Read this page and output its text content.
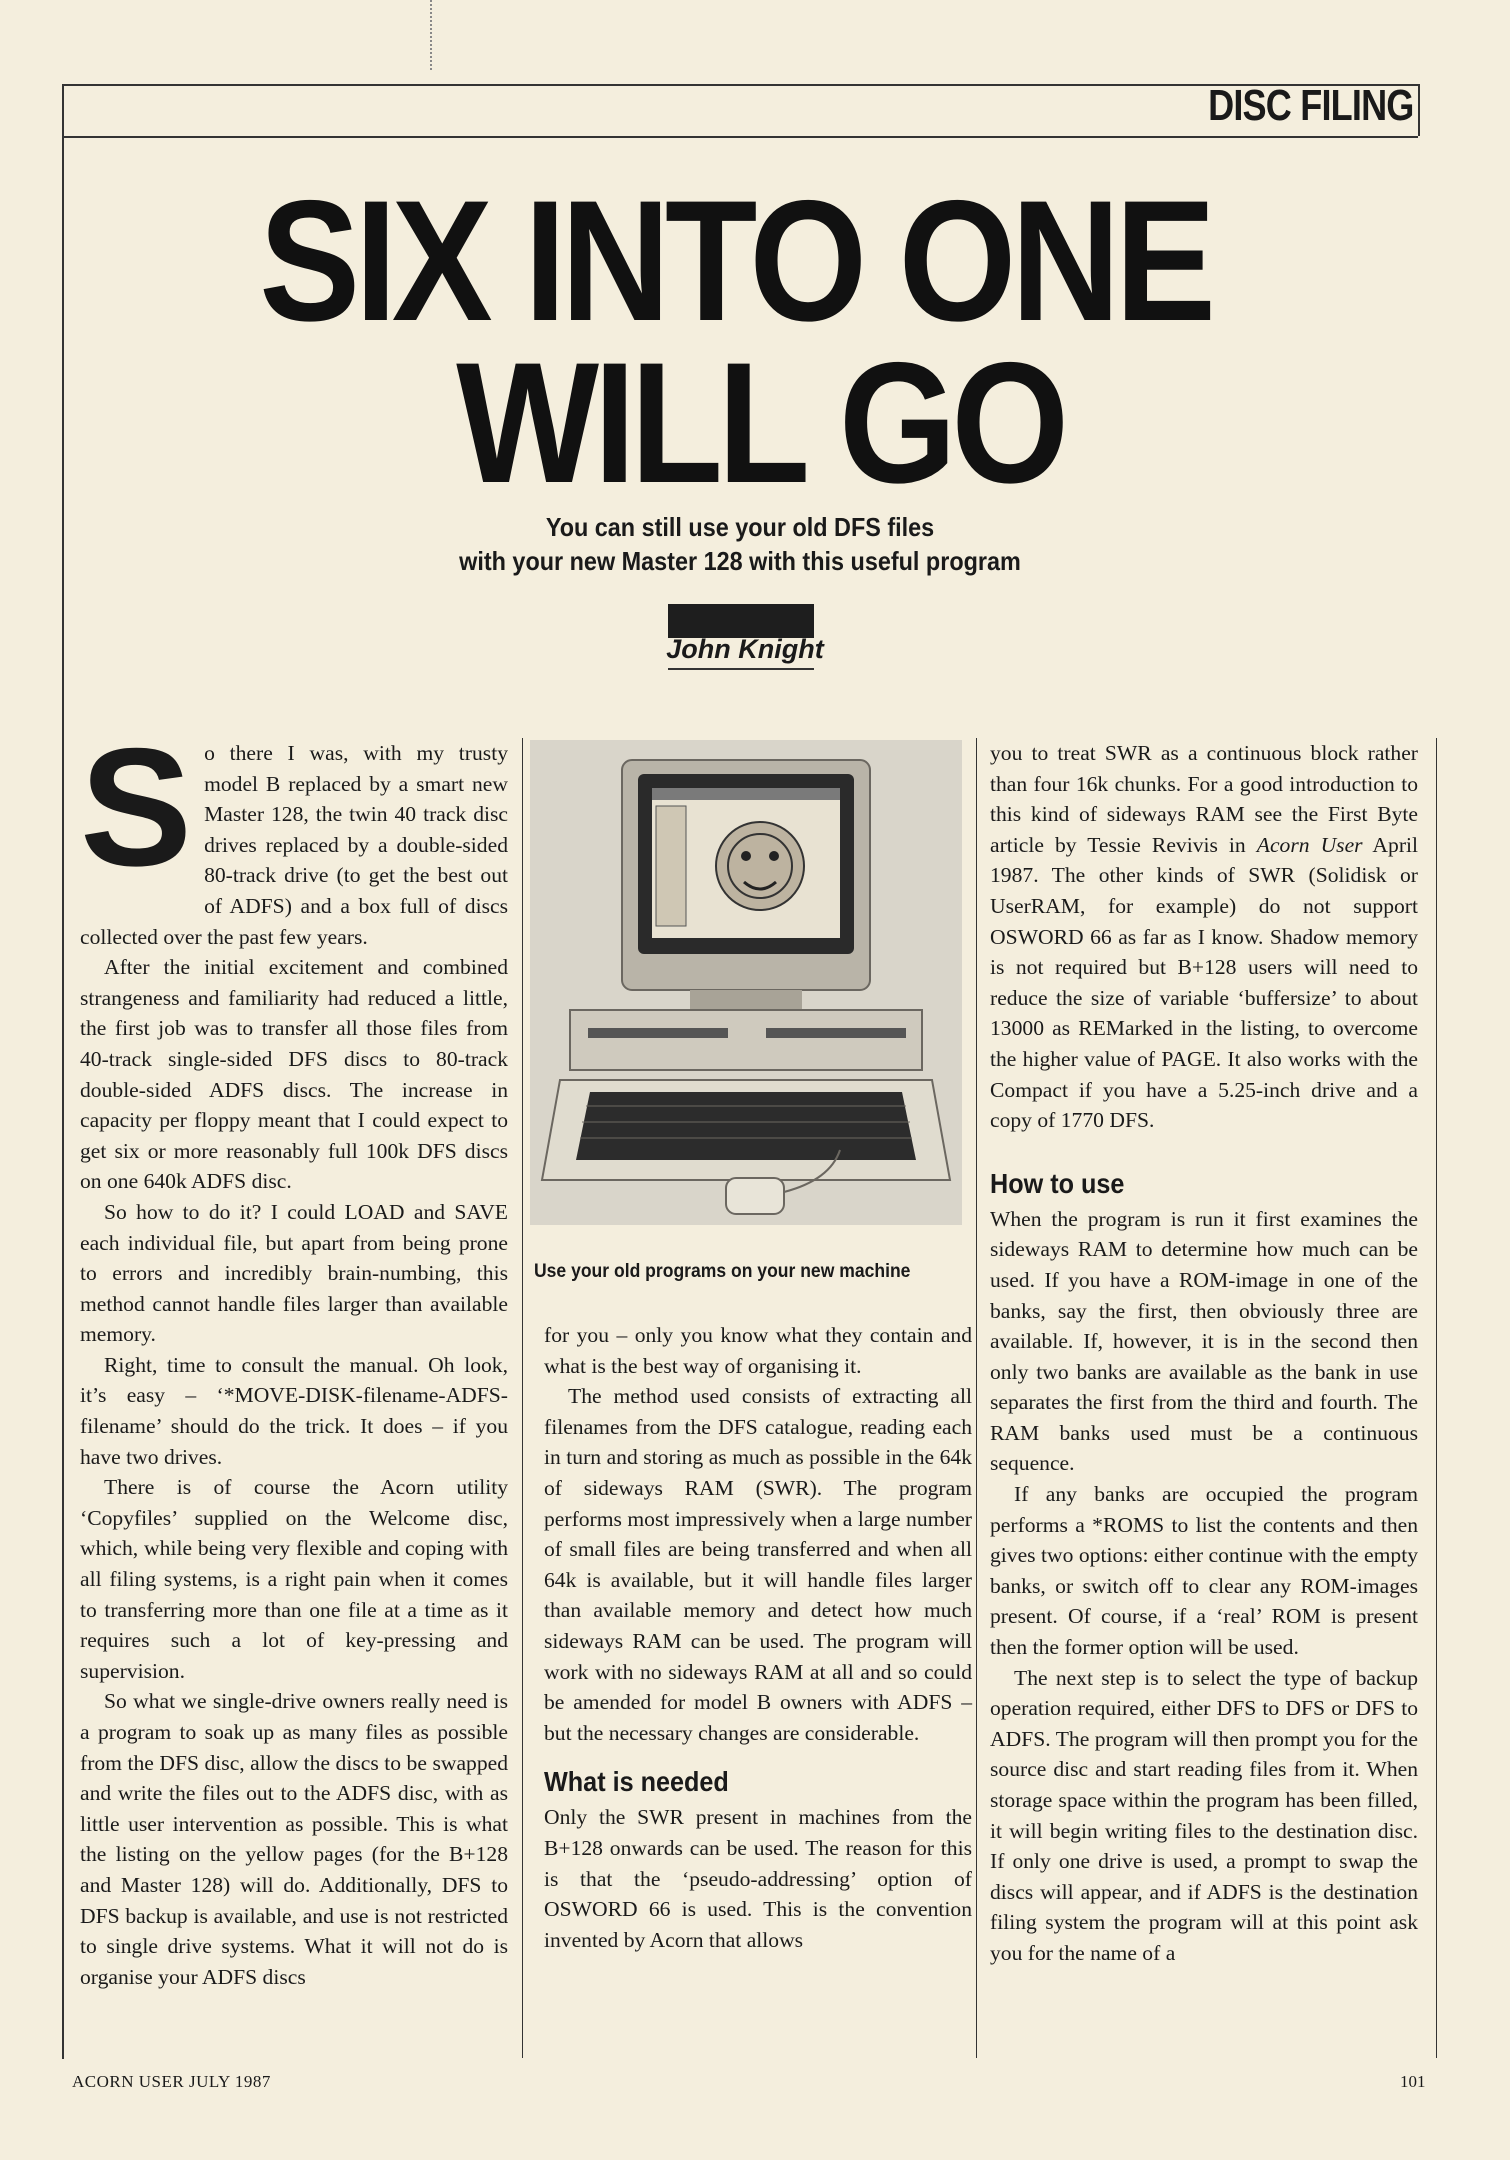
DISC FILING
SIX INTO ONE
WILL GO
You can still use your old DFS files
with your new Master 128 with this useful program
John Knight

So there I was, with my trusty model B replaced by a smart new Master 128, the twin 40 track disc drives replaced by a double-sided 80-track drive (to get the best out of ADFS) and a box full of discs collected over the past few years.

After the initial excitement and combined strangeness and familiarity had reduced a little, the first job was to transfer all those files from 40-track single-sided DFS discs to 80-track double-sided ADFS discs. The increase in capacity per floppy meant that I could expect to get six or more reasonably full 100k DFS discs on one 640k ADFS disc.

So how to do it? I could LOAD and SAVE each individual file, but apart from being prone to errors and incredibly brain-numbing, this method cannot handle files larger than available memory.

Right, time to consult the manual. Oh look, it’s easy – ‘*MOVE-DISK-filename-ADFS-filename’ should do the trick. It does – if you have two drives.

There is of course the Acorn utility ‘Copyfiles’ supplied on the Welcome disc, which, while being very flexible and coping with all filing systems, is a right pain when it comes to transferring more than one file at a time as it requires such a lot of key-pressing and supervision.

So what we single-drive owners really need is a program to soak up as many files as possible from the DFS disc, allow the discs to be swapped and write the files out to the ADFS disc, with as little user intervention as possible. This is what the listing on the yellow pages (for the B+128 and Master 128) will do. Additionally, DFS to DFS backup is available, and use is not restricted to single drive systems. What it will not do is organise your ADFS discs

Use your old programs on your new machine

for you – only you know what they contain and what is the best way of organising it.

The method used consists of extracting all filenames from the DFS catalogue, reading each in turn and storing as much as possible in the 64k of sideways RAM (SWR). The program performs most impressively when a large number of small files are being transferred and when all 64k is available, but it will handle files larger than available memory and detect how much sideways RAM can be used. The program will work with no sideways RAM at all and so could be amended for model B owners with ADFS – but the necessary changes are considerable.

What is needed

Only the SWR present in machines from the B+128 onwards can be used. The reason for this is that the ‘pseudo-addressing’ option of OSWORD 66 is used. This is the convention invented by Acorn that allows

you to treat SWR as a continuous block rather than four 16k chunks. For a good introduction to this kind of sideways RAM see the First Byte article by Tessie Revivis in Acorn User April 1987. The other kinds of SWR (Solidisk or UserRAM, for example) do not support OSWORD 66 as far as I know. Shadow memory is not required but B+128 users will need to reduce the size of variable ‘buffersize’ to about 13000 as REMarked in the listing, to overcome the higher value of PAGE. It also works with the Compact if you have a 5.25-inch drive and a copy of 1770 DFS.

How to use

When the program is run it first examines the sideways RAM to determine how much can be used. If you have a ROM-image in one of the banks, say the first, then obviously three are available. If, however, it is in the second then only two banks are available as the bank in use separates the first from the third and fourth. The RAM banks used must be a continuous sequence.

If any banks are occupied the program performs a *ROMS to list the contents and then gives two options: either continue with the empty banks, or switch off to clear any ROM-images present. Of course, if a ‘real’ ROM is present then the former option will be used.

The next step is to select the type of backup operation required, either DFS to DFS or DFS to ADFS. The program will then prompt you for the source disc and start reading files from it. When storage space within the program has been filled, it will begin writing files to the destination disc. If only one drive is used, a prompt to swap the discs will appear, and if ADFS is the destination filing system the program will at this point ask you for the name of a

ACORN USER JULY 1987	101
